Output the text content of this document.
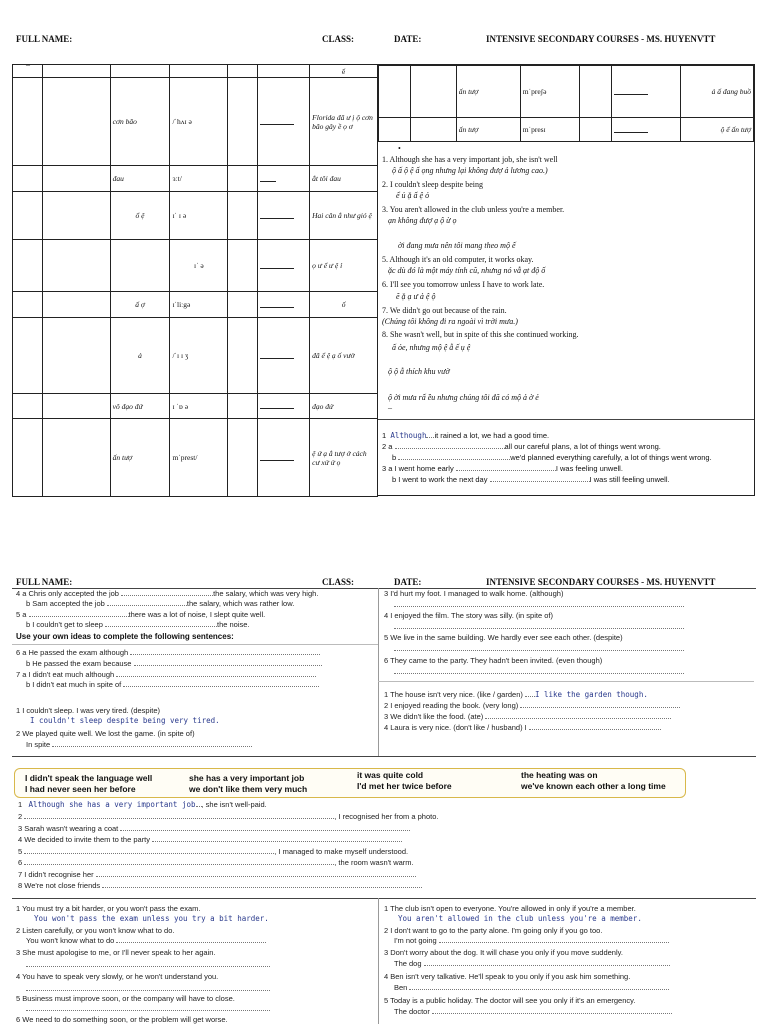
FULL NAME:	CLASS:	DATE:	INTENSIVE SECONDARY COURSES - MS. HUYENVTT
–
						ế
		cơn bão	/ˈhʌɪ ə			Florida đã ư ị ộ cơn bão gây ề ọ ơ
		đau	ɜːt/			ắt tôi đau
		ổ ệ	ɪˈ ɪ ə			Hai cân ắ như gió ệ
			ɪˈ ə			ọ ư ể ư ệ ỉ
		ấ ợ	ɪˈliːgə			ố
		ả	/ˈɪ ɪ ʒ			đã ể ệ ạ ố vườ
		vô đạo đứ	ɪ ˈɒ ə			đạo đứ
		ấn tượ	mˈprest/			ệ ứ ạ ắ tượ ở cách cư xử ử ọ
		ấn tượ	mˈpreʃə			ả ấ đang buồ
		ấn tượ	mˈpresɪ			ộ ể ấn tượ
•
1. Although she has a very important job, she isn't well
ộ ấ ộ ệ ấ ọng nhưng lại không đượ ả lương cao.)
2. I couldn't sleep despite being
ể ủ ặ ấ ệ ỏ
3. You aren't allowed in the club unless you're a member.
ạn không đượ ạ ộ ừ ọ
ời đang mưa nên tôi mang theo mộ ế
5. Although it's an old computer, it works okay.
ặc dù đó là một máy tính cũ, nhưng nó vẫ ạt độ ố
6. I'll see you tomorrow unless I have to work late.
ẽ ặ ạ ư ả ệ ộ
7. We didn't go out because of the rain.
(Chúng tôi không đi ra ngoài vì trời mưa.)
8. She wasn't well, but in spite of this she continued working.
ấ ỏe, nhưng mộ ệ ẫ ế ụ ệ
ộ ộ ẫ thích khu vườ
ộ ời mưa rấ ều nhưng chúng tôi đã có mộ ả ờ ẻ
–
1 Although it rained a lot, we had a good time.
2 a	all our careful plans, a lot of things went wrong.
b	we'd planned everything carefully, a lot of things went wrong.
3 a I went home early	I was feeling unwell.
b I went to work the next day	I was still feeling unwell.
FULL NAME:	CLASS:	DATE:	INTENSIVE SECONDARY COURSES - MS. HUYENVTT
4 a Chris only accepted the job	the salary, which was very high.
b Sam accepted the job	the salary, which was rather low.
5 a	there was a lot of noise, I slept quite well.
b I couldn't get to sleep	the noise.
Use your own ideas to complete the following sentences:
6 a He passed the exam although
b He passed the exam because
7 a I didn't eat much although
b I didn't eat much in spite of
1 I couldn't sleep. I was very tired. (despite)
I couldn't sleep despite being very tired.
2 We played quite well. We lost the game. (in spite of)
In spite
3 I'd hurt my foot. I managed to walk home. (although)
4 I enjoyed the film. The story was silly. (in spite of)
5 We live in the same building. We hardly ever see each other. (despite)
6 They came to the party. They hadn't been invited. (even though)
1 The house isn't very nice. (like / garden) I like the garden though.
2 I enjoyed reading the book. (very long)
3 We didn't like the food. (ate)
4 Laura is very nice. (don't like / husband) I
I didn't speak the language well	she has a very important job	it was quite cold	the heating was on
I had never seen her before	we don't like them very much	I'd met her twice before	we've known each other a long time
1 Although she has a very important job , she isn't well-paid.
2	, I recognised her from a photo.
3 Sarah wasn't wearing a coat
4 We decided to invite them to the party
5	, I managed to make myself understood.
6	, the room wasn't warm.
7 I didn't recognise her
8 We're not close friends
1 You must try a bit harder, or you won't pass the exam.
You won't pass the exam unless you try a bit harder.
2 Listen carefully, or you won't know what to do.
You won't know what to do
3 She must apologise to me, or I'll never speak to her again.
4 You have to speak very slowly, or he won't understand you.
5 Business must improve soon, or the company will have to close.
6 We need to do something soon, or the problem will get worse.
1 The club isn't open to everyone. You're allowed in only if you're a member.
You aren't allowed in the club unless you're a member.
2 I don't want to go to the party alone. I'm going only if you go too.
I'm not going
3 Don't worry about the dog. It will chase you only if you move suddenly.
The dog
4 Ben isn't very talkative. He'll speak to you only if you ask him something.
Ben
5 Today is a public holiday. The doctor will see you only if it's an emergency.
The doctor
